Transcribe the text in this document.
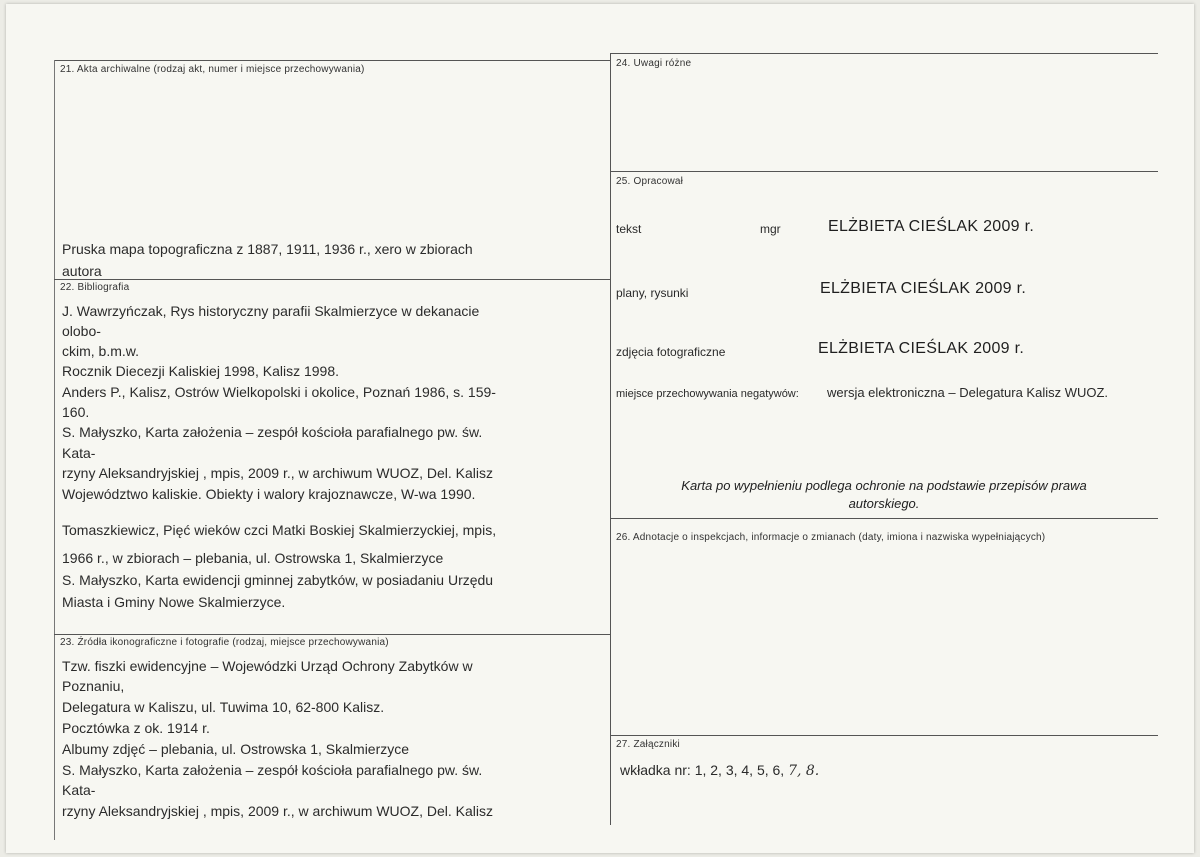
21. Akta archiwalne (rodzaj akt, numer i miejsce przechowywania)
Pruska mapa topograficzna z 1887, 1911, 1936 r., xero w zbiorach
autora
22. Bibliografia
J. Wawrzyńczak, Rys historyczny parafii Skalmierzyce w dekanacie
olobo-
ckim, b.m.w.
Rocznik Diecezji Kaliskiej 1998, Kalisz 1998.
Anders P., Kalisz, Ostrów Wielkopolski i okolice, Poznań 1986, s. 159-
160.
S. Małyszko, Karta założenia – zespół kościoła parafialnego pw. św.
Kata-
rzyny Aleksandryjskiej , mpis, 2009 r., w archiwum WUOZ, Del. Kalisz
Województwo kaliskie. Obiekty i walory krajoznawcze, W-wa 1990.
Tomaszkiewicz, Pięć wieków czci Matki Boskiej Skalmierzyckiej, mpis,
1966 r., w zbiorach – plebania, ul. Ostrowska 1, Skalmierzyce
S. Małyszko, Karta ewidencji gminnej zabytków, w posiadaniu Urzędu
Miasta i Gminy Nowe Skalmierzyce.
23. Źródła ikonograficzne i fotografie (rodzaj, miejsce przechowywania)
Tzw. fiszki ewidencyjne – Wojewódzki Urząd Ochrony Zabytków w
Poznaniu,
Delegatura w Kaliszu, ul. Tuwima 10, 62-800 Kalisz.
Pocztówka z ok. 1914 r.
Albumy zdjęć – plebania, ul. Ostrowska 1, Skalmierzyce
S. Małyszko, Karta założenia – zespół kościoła parafialnego pw. św.
Kata-
rzyny Aleksandryjskiej , mpis, 2009 r., w archiwum WUOZ, Del. Kalisz
24. Uwagi różne
25. Opracował
tekst	mgr	ELŻBIETA CIEŚLAK 2009 r.
plany, rysunki	ELŻBIETA CIEŚLAK 2009 r.
zdjęcia fotograficzne	ELŻBIETA CIEŚLAK 2009 r.
miejsce przechowywania negatywów: wersja elektroniczna – Delegatura Kalisz WUOZ.
Karta po wypełnieniu podlega ochronie na podstawie przepisów prawa
autorskiego.
26. Adnotacje o inspekcjach, informacje o zmianach (daty, imiona i nazwiska wypełniających)
27. Załączniki
wkładka nr: 1, 2, 3, 4, 5, 6, 7, 8.
